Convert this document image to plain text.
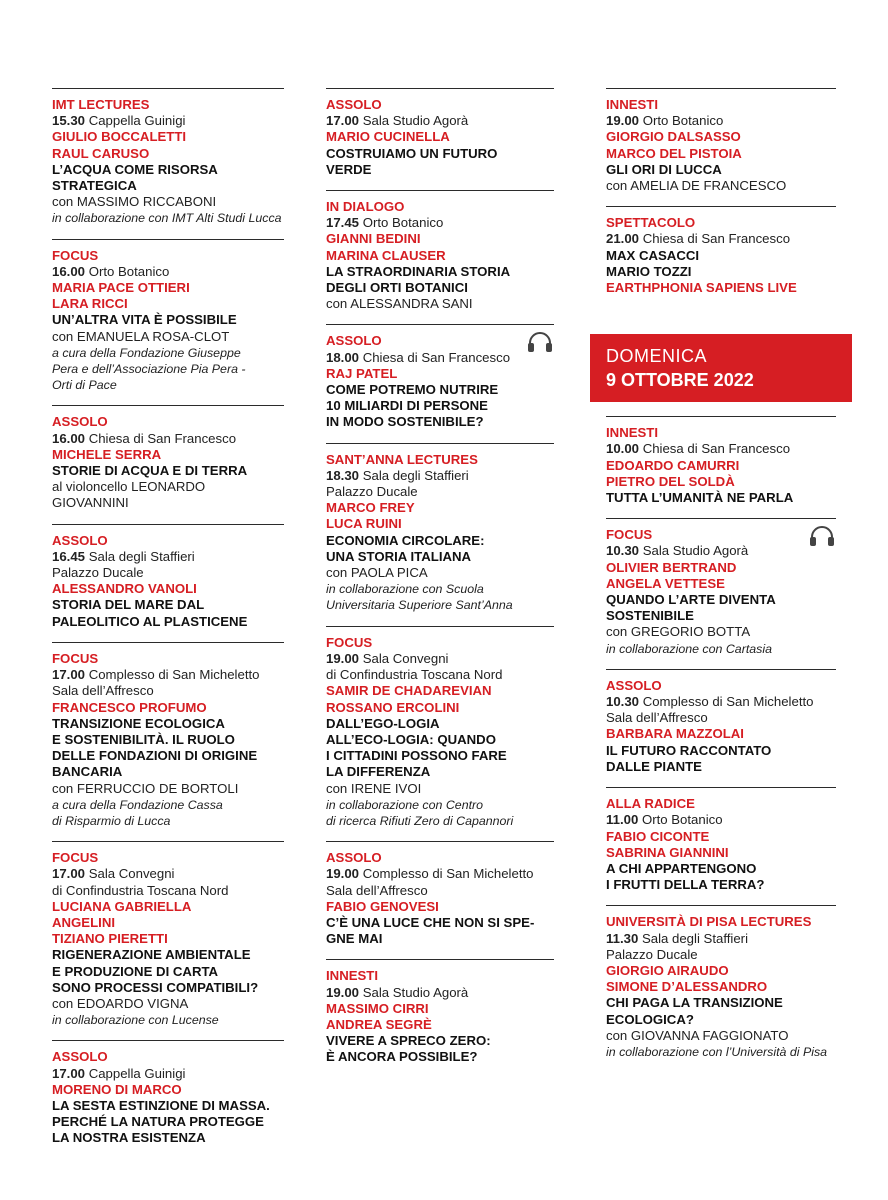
IMT LECTURES
15.30 Cappella Guinigi
GIULIO BOCCALETTI
RAUL CARUSO
L’ACQUA COME RISORSA
STRATEGICA
con MASSIMO RICCABONI
in collaborazione con IMT Alti Studi Lucca
FOCUS
16.00 Orto Botanico
MARIA PACE OTTIERI
LARA RICCI
UN’ALTRA VITA È POSSIBILE
con EMANUELA ROSA-CLOT
a cura della Fondazione Giuseppe
Pera e dell’Associazione Pia Pera -
Orti di Pace
ASSOLO
16.00 Chiesa di San Francesco
MICHELE SERRA
STORIE DI ACQUA E DI TERRA
al violoncello LEONARDO
GIOVANNINI
ASSOLO
16.45 Sala degli Staffieri
Palazzo Ducale
ALESSANDRO VANOLI
STORIA DEL MARE DAL
PALEOLITICO AL PLASTICENE
FOCUS
17.00 Complesso di San Micheletto
Sala dell’Affresco
FRANCESCO PROFUMO
TRANSIZIONE ECOLOGICA
E SOSTENIBILITÀ. IL RUOLO
DELLE FONDAZIONI DI ORIGINE
BANCARIA
con FERRUCCIO DE BORTOLI
a cura della Fondazione Cassa
di Risparmio di Lucca
FOCUS
17.00 Sala Convegni
di Confindustria Toscana Nord
LUCIANA GABRIELLA
ANGELINI
TIZIANO PIERETTI
RIGENERAZIONE AMBIENTALE
E PRODUZIONE DI CARTA
SONO PROCESSI COMPATIBILI?
con EDOARDO VIGNA
in collaborazione con Lucense
ASSOLO
17.00 Cappella Guinigi
MORENO DI MARCO
LA SESTA ESTINZIONE DI MASSA.
PERCHÉ LA NATURA PROTEGGE
LA NOSTRA ESISTENZA
ASSOLO
17.00 Sala Studio Agorà
MARIO CUCINELLA
COSTRUIAMO UN FUTURO
VERDE
IN DIALOGO
17.45 Orto Botanico
GIANNI BEDINI
MARINA CLAUSER
LA STRAORDINARIA STORIA
DEGLI ORTI BOTANICI
con ALESSANDRA SANI
ASSOLO
18.00 Chiesa di San Francesco
RAJ PATEL
COME POTREMO NUTRIRE
10 MILIARDI DI PERSONE
IN MODO SOSTENIBILE?
SANT’ANNA LECTURES
18.30 Sala degli Staffieri
Palazzo Ducale
MARCO FREY
LUCA RUINI
ECONOMIA CIRCOLARE:
UNA STORIA ITALIANA
con PAOLA PICA
in collaborazione con Scuola
Universitaria Superiore Sant’Anna
FOCUS
19.00 Sala Convegni
di Confindustria Toscana Nord
SAMIR DE CHADAREVIAN
ROSSANO ERCOLINI
DALL’EGO-LOGIA
ALL’ECO-LOGIA: QUANDO
I CITTADINI POSSONO FARE
LA DIFFERENZA
con IRENE IVOI
in collaborazione con Centro
di ricerca Rifiuti Zero di Capannori
ASSOLO
19.00 Complesso di San Micheletto
Sala dell’Affresco
FABIO GENOVESI
C’È UNA LUCE CHE NON SI SPE-
GNE MAI
INNESTI
19.00 Sala Studio Agorà
MASSIMO CIRRI
ANDREA SEGRÈ
VIVERE A SPRECO ZERO:
È ANCORA POSSIBILE?
INNESTI
19.00 Orto Botanico
GIORGIO DALSASSO
MARCO DEL PISTOIA
GLI ORI DI LUCCA
con AMELIA DE FRANCESCO
SPETTACOLO
21.00 Chiesa di San Francesco
MAX CASACCI
MARIO TOZZI
EARTHPHONIA SAPIENS LIVE
DOMENICA
9 OTTOBRE 2022
INNESTI
10.00 Chiesa di San Francesco
EDOARDO CAMURRI
PIETRO DEL SOLDÀ
TUTTA L’UMANITÀ NE PARLA
FOCUS
10.30 Sala Studio Agorà
OLIVIER BERTRAND
ANGELA VETTESE
QUANDO L’ARTE DIVENTA
SOSTENIBILE
con GREGORIO BOTTA
in collaborazione con Cartasia
ASSOLO
10.30 Complesso di San Micheletto
Sala dell’Affresco
BARBARA MAZZOLAI
IL FUTURO RACCONTATO
DALLE PIANTE
ALLA RADICE
11.00 Orto Botanico
FABIO CICONTE
SABRINA GIANNINI
A CHI APPARTENGONO
I FRUTTI DELLA TERRA?
UNIVERSITÀ DI PISA LECTURES
11.30 Sala degli Staffieri
Palazzo Ducale
GIORGIO AIRAUDO
SIMONE D’ALESSANDRO
CHI PAGA LA TRANSIZIONE
ECOLOGICA?
con GIOVANNA FAGGIONATO
in collaborazione con l’Università di Pisa
